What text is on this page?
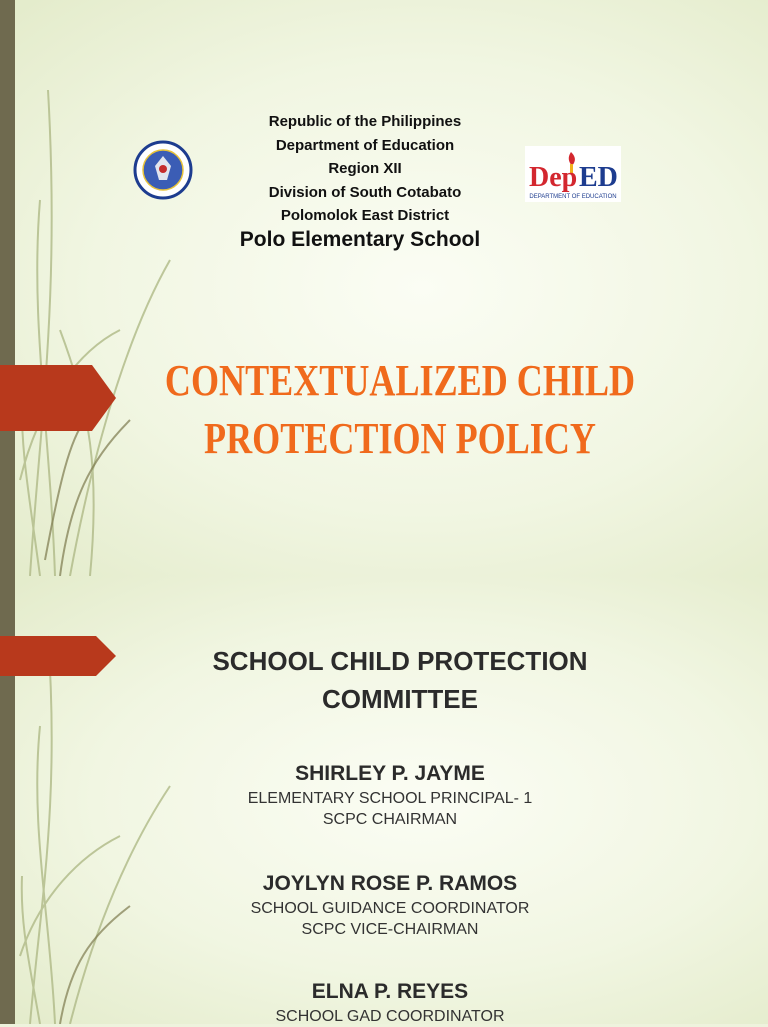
Republic of the Philippines
Department of Education
Region XII
Division of South Cotabato
Polomolok East District
Dep ED
DEPARTMENT OF EDUCATION
Polo Elementary School
CONTEXTUALIZED CHILD
PROTECTION POLICY
SCHOOL CHILD PROTECTION
COMMITTEE
SHIRLEY P. JAYME
ELEMENTARY SCHOOL PRINCIPAL- 1
SCPC CHAIRMAN
JOYLYN ROSE P. RAMOS
SCHOOL GUIDANCE COORDINATOR
SCPC VICE-CHAIRMAN
ELNA P. REYES
SCHOOL GAD COORDINATOR
